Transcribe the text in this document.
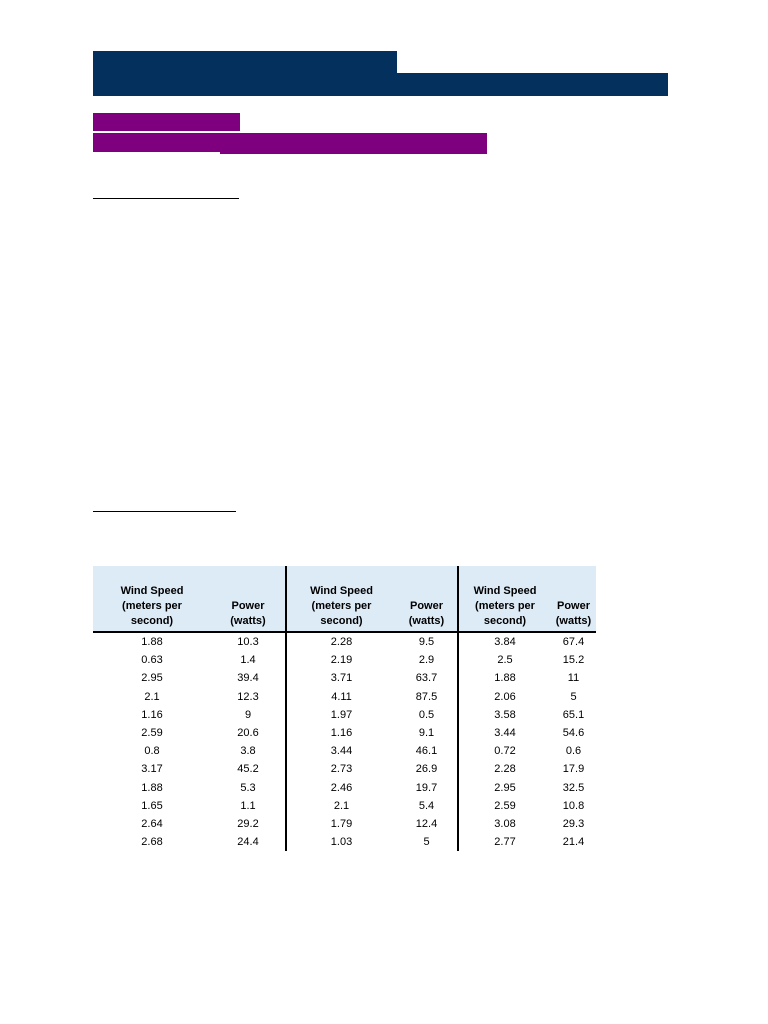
Wind Speed
(meters per
second)	Power
(watts)	Wind Speed
(meters per
second)	Power
(watts)	Wind Speed
(meters per
second)	Power
(watts)
1.88	10.3	2.28	9.5	3.84	67.4
0.63	1.4	2.19	2.9	2.5	15.2
2.95	39.4	3.71	63.7	1.88	11
2.1	12.3	4.11	87.5	2.06	5
1.16	9	1.97	0.5	3.58	65.1
2.59	20.6	1.16	9.1	3.44	54.6
0.8	3.8	3.44	46.1	0.72	0.6
3.17	45.2	2.73	26.9	2.28	17.9
1.88	5.3	2.46	19.7	2.95	32.5
1.65	1.1	2.1	5.4	2.59	10.8
2.64	29.2	1.79	12.4	3.08	29.3
2.68	24.4	1.03	5	2.77	21.4
